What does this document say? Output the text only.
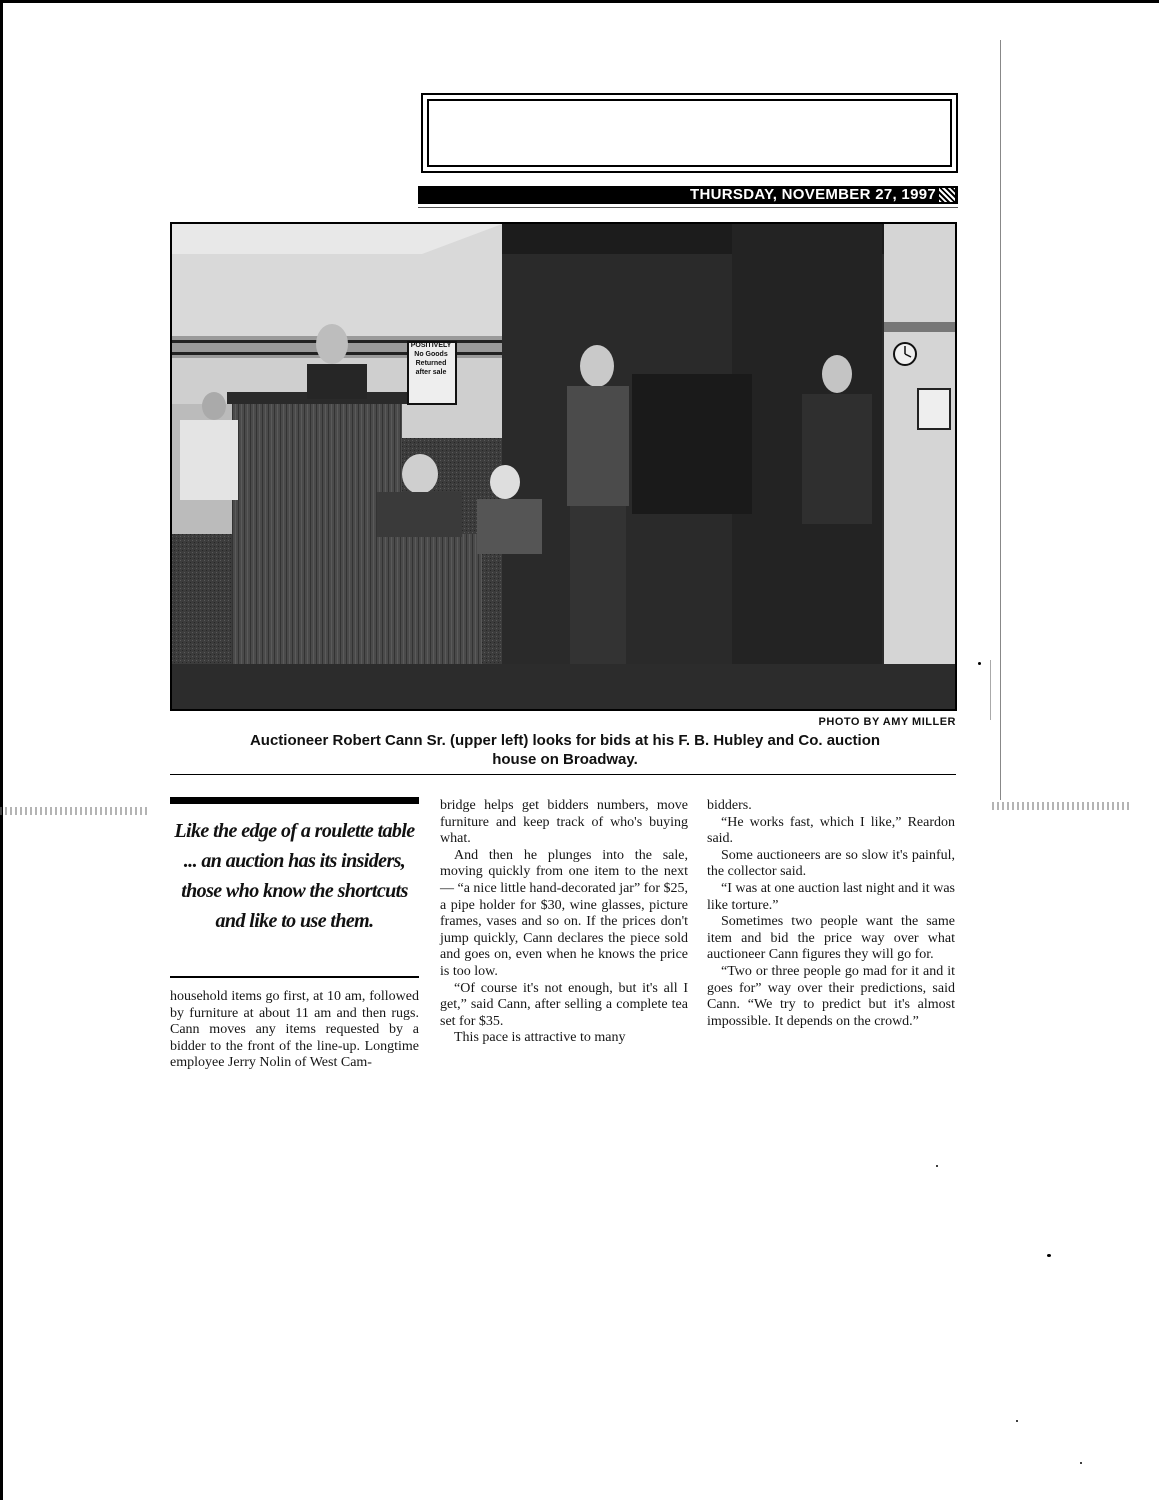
THURSDAY, NOVEMBER 27, 1997
PHOTO BY AMY MILLER
Auctioneer Robert Cann Sr. (upper left) looks for bids at his F. B. Hubley and Co. auction house on Broadway.
Like the edge of a roulette table ... an auction has its insiders, those who know the shortcuts and like to use them.

household items go first, at 10 am, followed by furniture at about 11 am and then rugs. Cann moves any items requested by a bidder to the front of the line-up. Longtime employee Jerry Nolin of West Cam-

bridge helps get bidders numbers, move furniture and keep track of who's buying what.

And then he plunges into the sale, moving quickly from one item to the next — “a nice little hand-decorated jar” for $25, a pipe holder for $30, wine glasses, picture frames, vases and so on. If the prices don't jump quickly, Cann declares the piece sold and goes on, even when he knows the price is too low.

“Of course it's not enough, but it's all I get,” said Cann, after selling a complete tea set for $35.

This pace is attractive to many

bidders.

“He works fast, which I like,” Reardon said.

Some auctioneers are so slow it's painful, the collector said.

“I was at one auction last night and it was like torture.”

Sometimes two people want the same item and bid the price way over what auctioneer Cann figures they will go for.

“Two or three people go mad for it and it goes for” way over their predictions, said Cann. “We try to predict but it's almost impossible. It depends on the crowd.”

POSITIVELY
No Goods
Returned
after sale
